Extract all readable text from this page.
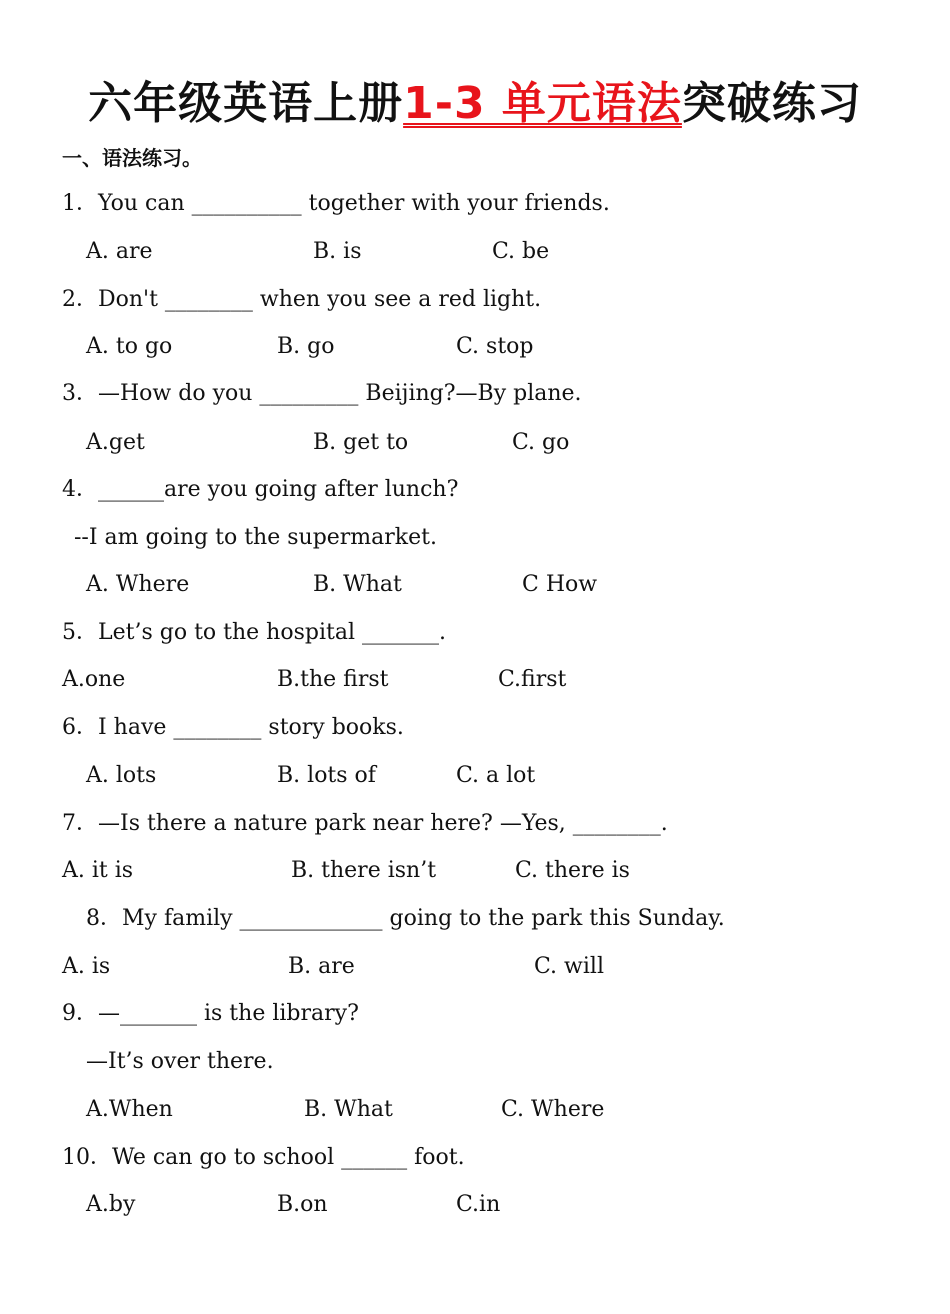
六年级英语上册1-3 单元语法突破练习
一、语法练习。
1．You can __________ together with your friends.
A. are	B. is	C. be
2．Don't ________ when you see a red light.
A. to go	B. go	C. stop
3．—How do you _________ Beijing?—By plane.
A.get	B. get to	C. go
4．______are you going after lunch?
--I am going to the supermarket.
A. Where	B. What	C How
5．Let’s go to the hospital _______.
A.one	B.the first	C.first
6．I have ________ story books.
A. lots	B. lots of	C. a lot
7．—Is there a nature park near here? —Yes, ________.
A. it is	B. there isn’t	C. there is
8．My family _____________ going to the park this Sunday.
A. is	B. are	C. will
9．—_______ is the library?
—It’s over there.
A.When	B. What	C. Where
10．We can go to school ______ foot.
A.by	B.on	C.in
